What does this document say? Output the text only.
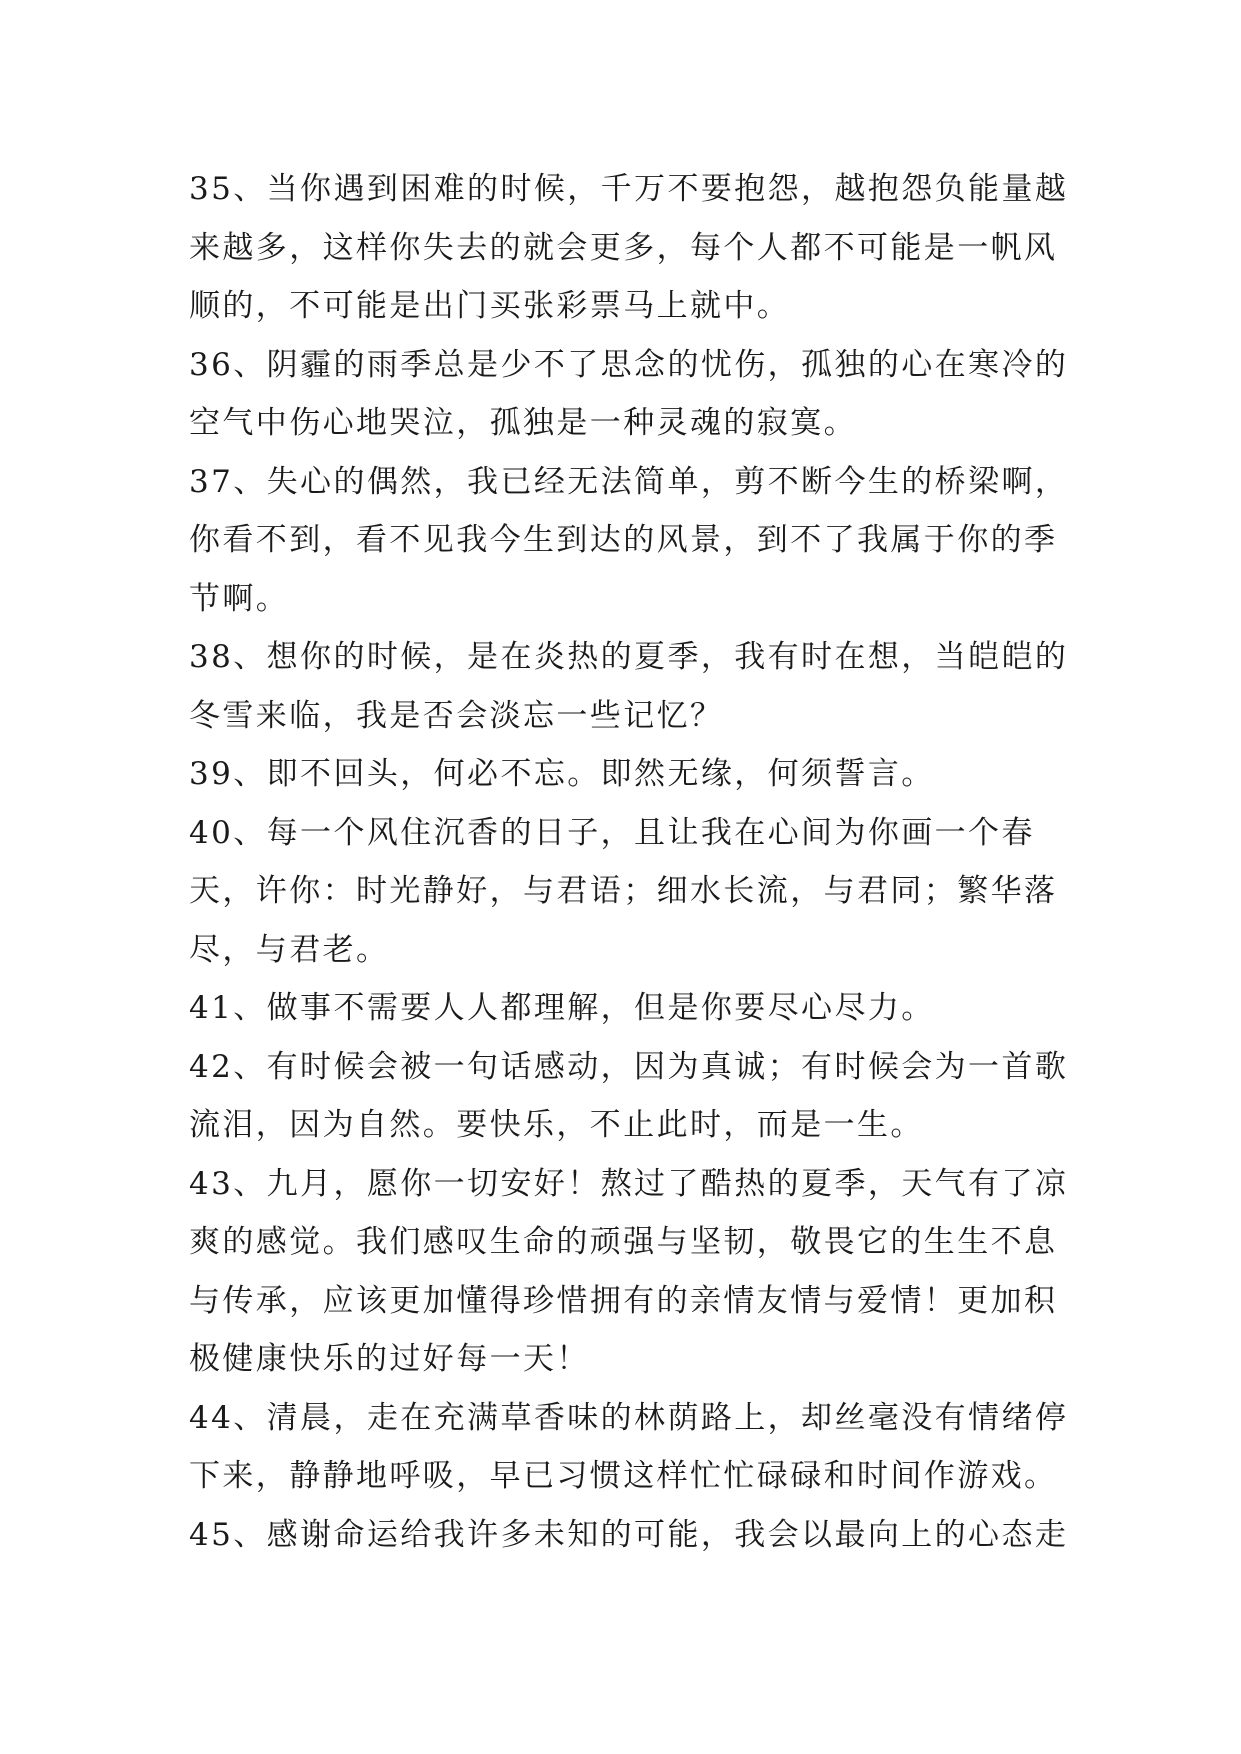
35、当你遇到困难的时候，千万不要抱怨，越抱怨负能量越来越多，这样你失去的就会更多，每个人都不可能是一帆风顺的，不可能是出门买张彩票马上就中。

36、阴霾的雨季总是少不了思念的忧伤，孤独的心在寒冷的空气中伤心地哭泣，孤独是一种灵魂的寂寞。

37、失心的偶然，我已经无法简单，剪不断今生的桥梁啊，你看不到，看不见我今生到达的风景，到不了我属于你的季节啊。

38、想你的时候，是在炎热的夏季，我有时在想，当皑皑的冬雪来临，我是否会淡忘一些记忆？

39、即不回头，何必不忘。即然无缘，何须誓言。

40、每一个风住沉香的日子，且让我在心间为你画一个春天，许你：时光静好，与君语；细水长流，与君同；繁华落尽，与君老。

41、做事不需要人人都理解，但是你要尽心尽力。

42、有时候会被一句话感动，因为真诚；有时候会为一首歌流泪，因为自然。要快乐，不止此时，而是一生。

43、九月，愿你一切安好！熬过了酷热的夏季，天气有了凉爽的感觉。我们感叹生命的顽强与坚韧，敬畏它的生生不息与传承，应该更加懂得珍惜拥有的亲情友情与爱情！更加积极健康快乐的过好每一天！

44、清晨，走在充满草香味的林荫路上，却丝毫没有情绪停下来，静静地呼吸，早已习惯这样忙忙碌碌和时间作游戏。

45、感谢命运给我许多未知的可能，我会以最向上的心态走
